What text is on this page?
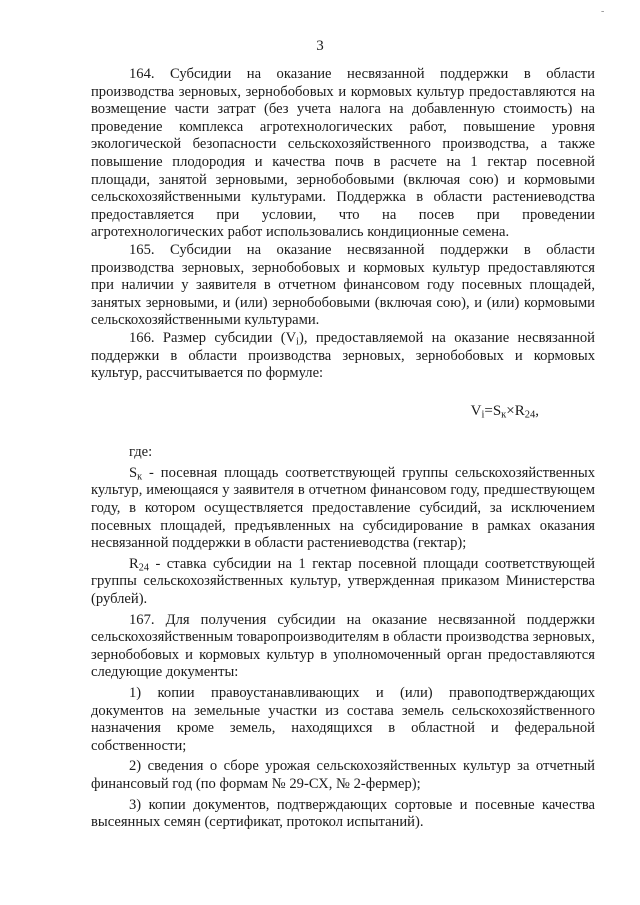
-
3

164. Субсидии на оказание несвязанной поддержки в области производства зерновых, зернобобовых и кормовых культур предоставляются на возмещение части затрат (без учета налога на добавленную стоимость) на проведение комплекса агротехнологических работ, повышение уровня экологической безопасности сельскохозяйственного производства, а также повышение плодородия и качества почв в расчете на 1 гектар посевной площади, занятой зерновыми, зернобобовыми (включая сою) и кормовыми сельскохозяйственными культурами. Поддержка в области растениеводства предоставляется при условии, что на посев при проведении агротехнологических работ использовались кондиционные семена.

165. Субсидии на оказание несвязанной поддержки в области производства зерновых, зернобобовых и кормовых культур предоставляются при наличии у заявителя в отчетном финансовом году посевных площадей, занятых зерновыми, и (или) зернобобовыми (включая сою), и (или) кормовыми сельскохозяйственными культурами.

166. Размер субсидии $(V_i)$, предоставляемой на оказание несвязанной поддержки в области производства зерновых, зернобобовых и кормовых культур, рассчитывается по формуле:

$V_i=S_к\times R_{24}$,

где:

$S_к$ - посевная площадь соответствующей группы сельскохозяйственных культур, имеющаяся у заявителя в отчетном финансовом году, предшествующем году, в котором осуществляется предоставление субсидий, за исключением посевных площадей, предъявленных на субсидирование в рамках оказания несвязанной поддержки в области растениеводства (гектар);

$R_{24}$ - ставка субсидии на 1 гектар посевной площади соответствующей группы сельскохозяйственных культур, утвержденная приказом Министерства (рублей).

167. Для получения субсидии на оказание несвязанной поддержки сельскохозяйственным товаропроизводителям в области производства зерновых, зернобобовых и кормовых культур в уполномоченный орган предоставляются следующие документы:

1) копии правоустанавливающих и (или) правоподтверждающих документов на земельные участки из состава земель сельскохозяйственного назначения кроме земель, находящихся в областной и федеральной собственности;

2) сведения о сборе урожая сельскохозяйственных культур за отчетный финансовый год (по формам № 29-СХ, № 2-фермер);

3) копии документов, подтверждающих сортовые и посевные качества высеянных семян (сертификат, протокол испытаний).
